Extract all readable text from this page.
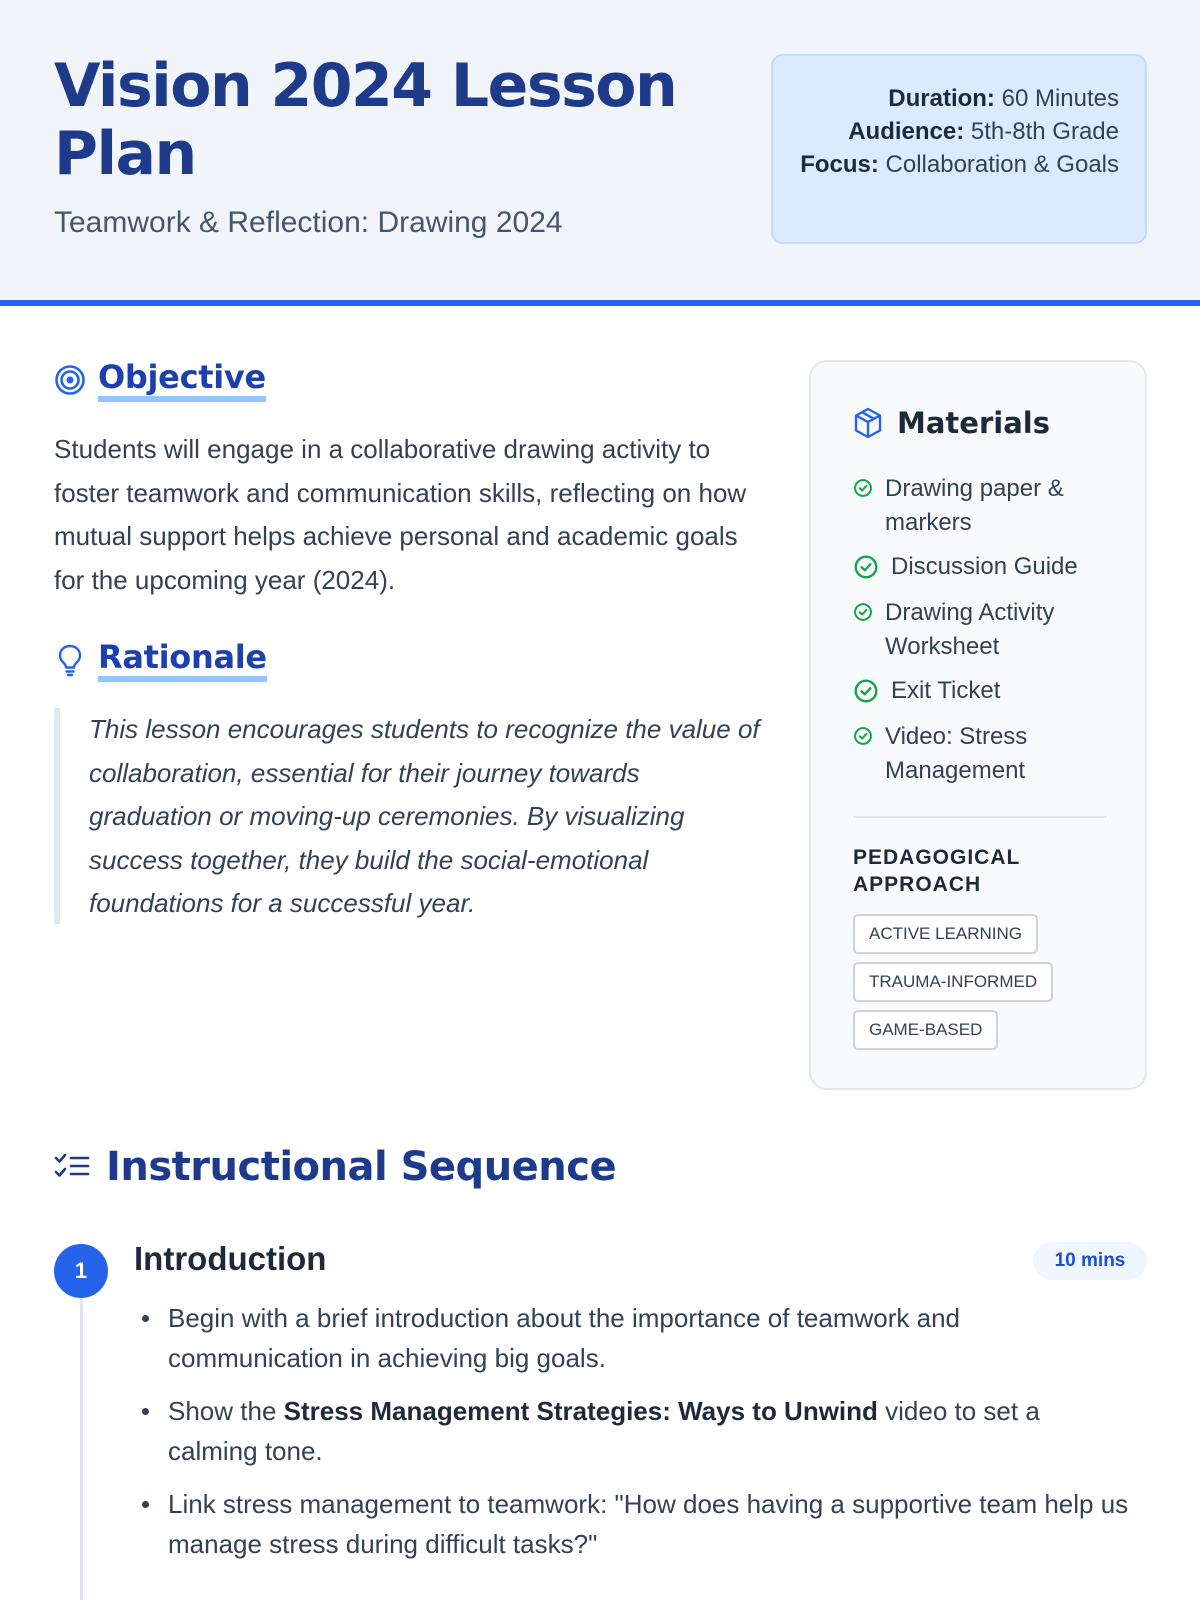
Vision 2024 Lesson Plan
Teamwork & Reflection: Drawing 2024
Duration: 60 Minutes
Audience: 5th-8th Grade
Focus: Collaboration & Goals
Objective

Students will engage in a collaborative drawing activity to foster teamwork and communication skills, reflecting on how mutual support helps achieve personal and academic goals for the upcoming year (2024).

Rationale
This lesson encourages students to recognize the value of collaboration, essential for their journey towards graduation or moving-up ceremonies. By visualizing success together, they build the social-emotional foundations for a successful year.
Materials
Drawing paper & markers
Discussion Guide
Drawing Activity Worksheet
Exit Ticket
Video: Stress Management
PEDAGOGICAL APPROACH
ACTIVE LEARNING
TRAUMA-INFORMED
GAME-BASED
Instructional Sequence
1	Introduction	10 mins
Begin with a brief introduction about the importance of teamwork and communication in achieving big goals.
Show the Stress Management Strategies: Ways to Unwind video to set a calming tone.
Link stress management to teamwork: "How does having a supportive team help us manage stress during difficult tasks?"
